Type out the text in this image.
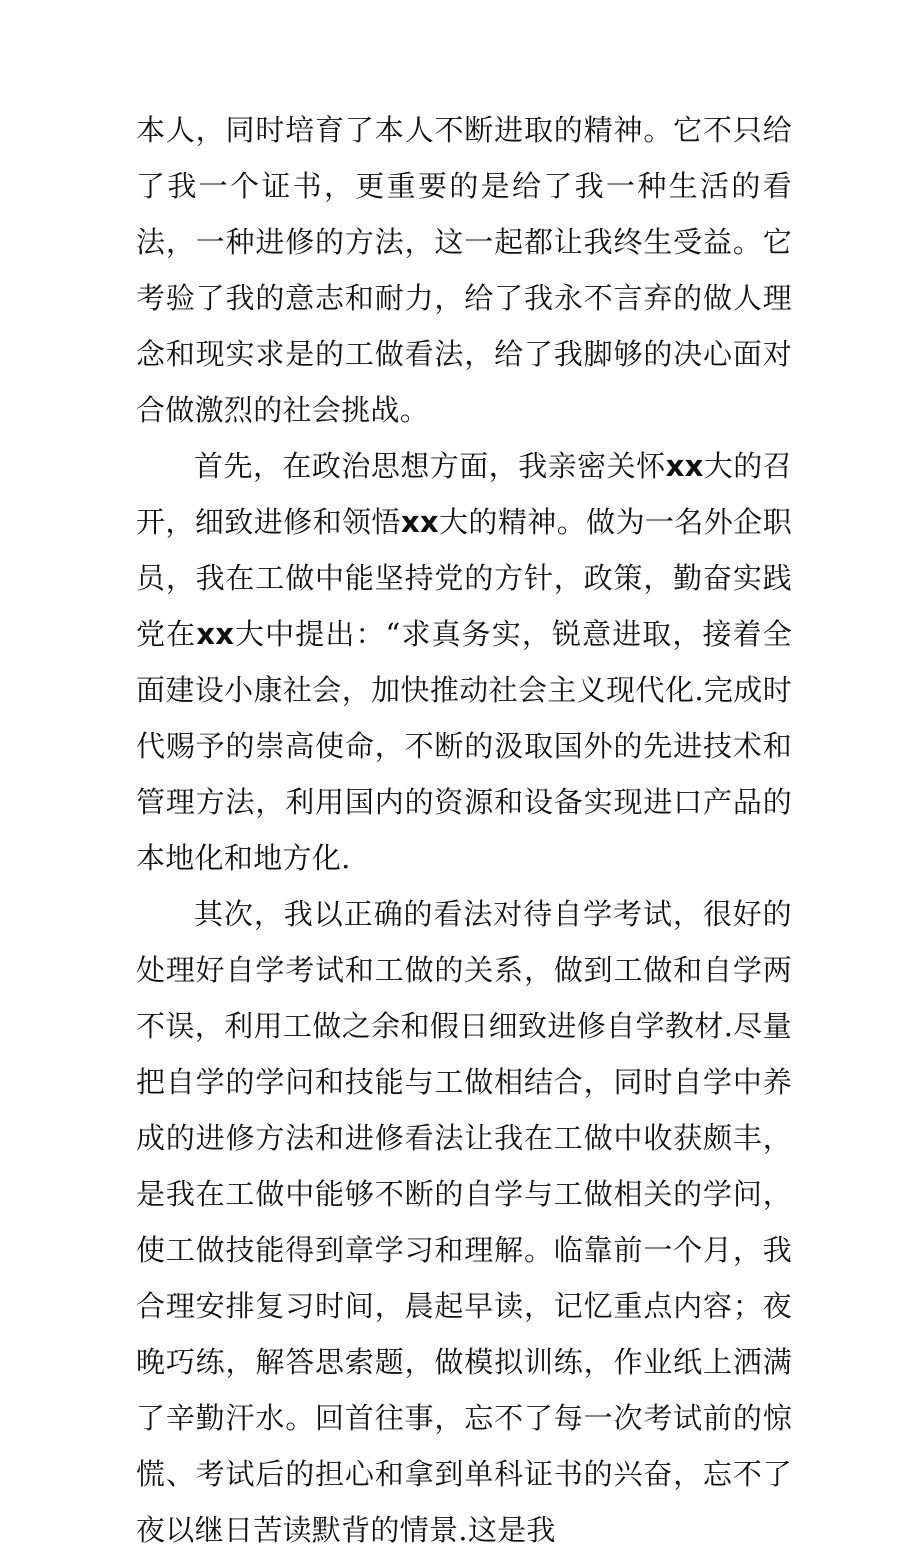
本人，同时培育了本人不断进取的精神。它不只给了我一个证书，更重要的是给了我一种生活的看法，一种进修的方法，这一起都让我终生受益。它考验了我的意志和耐力，给了我永不言弃的做人理念和现实求是的工做看法，给了我脚够的决心面对合做激烈的社会挑战。

首先，在政治思想方面，我亲密关怀xx大的召开，细致进修和领悟xx大的精神。做为一名外企职员，我在工做中能坚持党的方针，政策，勤奋实践党在xx大中提出：“求真务实，锐意进取，接着全面建设小康社会，加快推动社会主义现代化.完成时代赐予的崇高使命，不断的汲取国外的先进技术和管理方法，利用国内的资源和设备实现进口产品的本地化和地方化.

其次，我以正确的看法对待自学考试，很好的处理好自学考试和工做的关系，做到工做和自学两不误，利用工做之余和假日细致进修自学教材.尽量把自学的学问和技能与工做相结合，同时自学中养成的进修方法和进修看法让我在工做中收获颇丰，是我在工做中能够不断的自学与工做相关的学问，使工做技能得到章学习和理解。临靠前一个月，我合理安排复习时间，晨起早读，记忆重点内容；夜晚巧练，解答思索题，做模拟训练，作业纸上洒满了辛勤汗水。回首往事，忘不了每一次考试前的惊慌、考试后的担心和拿到单科证书的兴奋，忘不了夜以继日苦读默背的情景.这是我
